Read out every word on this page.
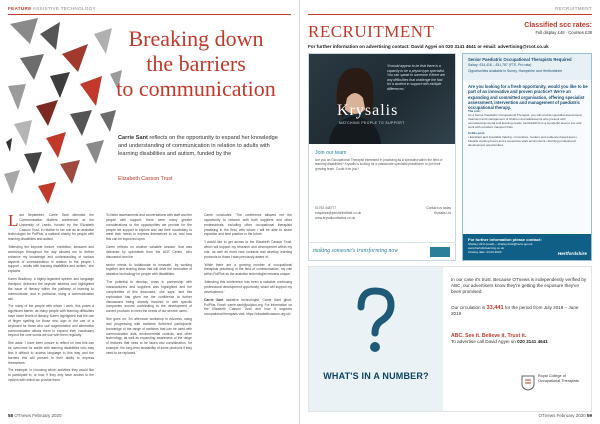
FEATURE ASSISTIVE TECHNOLOGY
Breaking down
the barriers
to communication
Carrie Sant reflects on the opportunity to expand her knowledge and understanding of communication in relation to adults with learning disabilities and autism, funded by the
Elizabeth Casson Trust

Last September, Carrie Sant attended the Communication Matters conference at the University of Leeds, funded by the Elizabeth Casson Trust. In relation to her role as an assistive technologist for PolPlus, a national charity for people with learning disabilities and autism.

'Attending the keynote lecture, exhibition, sessions and workshops throughout the day allowed me to further enhance my knowledge and understanding of various aspects of communication in relation to the people I support – adults with learning disabilities and autism,' she explains.

Karen Bradbury, a highly-regarded speech and language therapist, delivered the keynote address and highlighted the issue of literacy within the pathway of learning to communicate, and in particular, using a communication aid.

'For many of the people with whom I work, this poses a significant barrier, as many people with learning difficulties have lower levels of literacy. Karen highlighted that the use of finger spelling for those who sign or the use of a keyboard for those who use augmentative and alternative communication allows them to expand their vocabulary beyond the core words we use with them regularly.'

She adds: 'I have been unsure to reflect on how this can be overcome for adults with learning disabilities who may find it difficult to access language in this way and the barriers this will present in their ability to express themselves.'

'For example, in choosing which activities they would like to participate in, or how, if they only have access to the options with which we provide them.'

To listen assessments and conversations with staff and the people with support, there were many greater considerations to the opportunities we provide for the people we support to explore and use their vocabulary to meet their needs to express themselves to us, and how this can be improved upon.

Carrie reflects on another valuable session, that was delivered by specialists from the ACE Centre, who discussed how the

sector needs to 'collaborate to innovate', by working together and sharing ideas that will drive the innovation of assistive technology for people with disabilities.

'The potential to develop, cross in partnership with manufacturers and suppliers was highlighted and the complexities of this discussed,' she says, 'and this exploration has given me the confidence to further discussions being already involved in with specific companies around contributing to the development of current products to meet the needs of our service users.'

She goes on: 'An afternoon workshop in eAccess, using and progressing with switches furthered participants' knowledge of the range of switches that can be used with communication aids, environmental controls, and other technology, as well as expanding awareness of the range of features that need to be taken into consideration, for example, the long-term availability of some products if they need to be replaced.'

Carrie concludes: 'The conference allowed me the opportunity to network with both suppliers and other professionals, including other occupational therapists practising in the field, with whom I will be able to share expertise and best practice in the future.

'I would like to get across to the Elizabeth Casson Trust, which will support my research and development within my role, as well as meet new contacts and develop learning protocols to those I was previously aware of.

'While there are a growing number of occupational therapists practising in the field of communication, my role within PolPlus as the assistive technologist remains unique.

'Attending this conference has been a valuable continuing professional development opportunity, which will support my development.'

Carrie Sant assistive technologist, Carrie Sant gbort, PolPlus. Email: carrie.sant@polplus.org. For information on the Elizabeth Casson Trust and how it supports occupational therapists visit: https://elizabethcasson.org.uk/

58 OTnews February 2020
RECRUITMENT
RECRUITMENT	Classified scc rates:
Full display £48 · Courses £38
For further information on advertising contact: David Agyei on 020 3141 4641 or email: advertising@rcot.co.uk
'It would appear to be that there is a capacity to be a physio type specialist. You can speak to someone if there are any difficulties that challenge the fast for a student in support with multiple differences.'
Krysalis
MATCHING PEOPLE TO SUPPORT
Join our team
Are you an Occupational Therapist interested in practicing as a specialist within the field of learning disabilities? Krysalis is looking for a passionate specialist practitioner to join their growing team. Could it be you?
01792 445777
enquiries@jobsforthefield.co.uk
www.krysalisorthotics.co.uk
Contact us today
Krysalis Ltd
making someone's transforming now
Senior Paediatric Occupational Therapists Required
Salary: £34,416 – £51,787 (FTE, Pro rata)
Opportunities available in Surrey, Hampshire and Hertfordshire
Are you looking for a fresh opportunity, would you like to be part of an innovative and proven practice? We're an expanding and committed organisation, offering specialist assessment, intervention and management of paediatric occupational therapy.
The role:
As a Senior Paediatric Occupational Therapist, you will provide specialist assessment, treatment and management of children and adolescents who present with neurodevelopmental and learning needs. Hertfordshire is a wonderful area to live and work with excellent transport links.
In this post:
• Excellent and specialist training • Innovative, modern and evidence-based team • Flexible working hours and a supportive work environment • Exciting professional development opportunities
For further information please contact:
Shelley Hirst (Lead) – shelley.hirst@herts.gov.uk
www.hertsforlearning.co.uk
Closing date: 24.03.2020	Hertfordshire
WHAT'S IN A NUMBER?
In our case it's trust. Because OTnews is independently verified by ABC, our advertisers know they're getting the exposure they've been promised
Our circulation is 33,441 for the period from July 2018 – June 2019
ABC. See it. Believe it. Trust it.
To advertise call David Agyei on 020 3141 4641
Royal College of Occupational Therapists
OTnews February 2020 59
